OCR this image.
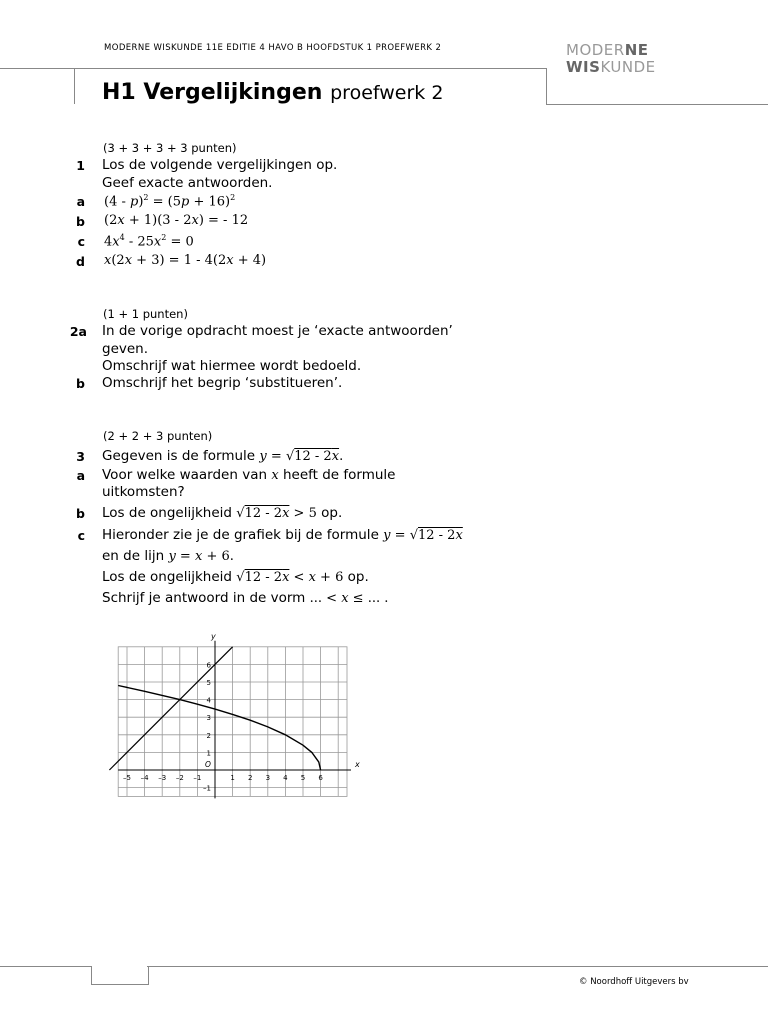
MODERNE WISKUNDE 11E EDITIE 4 HAVO B HOOFDSTUK 1 PROEFWERK 2	MODERNE
WISKUNDE
H1 Vergelijkingen proefwerk 2
(3 + 3 + 3 + 3 punten)
1 Los de volgende vergelijkingen op.
Geef exacte antwoorden.
a $(4 - p)^2 = (5p + 16)^2$
b (2x + 1)(3 - 2x) = - 12
c $4x^4 - 25x^2 = 0$
d x(2x + 3) = 1 - 4(2x + 4)
(1 + 1 punten)
2a In de vorige opdracht moest je ‘exacte antwoorden’
geven.
Omschrijf wat hiermee wordt bedoeld.
b Omschrijf het begrip ‘substitueren’.
(2 + 2 + 3 punten)
3 Gegeven is de formule y = √12 - 2x.
a Voor welke waarden van x heeft de formule
uitkomsten?
b Los de ongelijkheid √12 - 2x > 5 op.
c Hieronder zie je de grafiek bij de formule y = √12 - 2x
en de lijn y = x + 6.
Los de ongelijkheid √12 - 2x < x + 6 op.
Schrijf je antwoord in de vorm ... < x ≤ ... .
x
y
O
–5 –4 –3 –2 –1	1 2 3 4 5 6
–1
1
2
3
4
5
6
© Noordhoff Uitgevers bv
